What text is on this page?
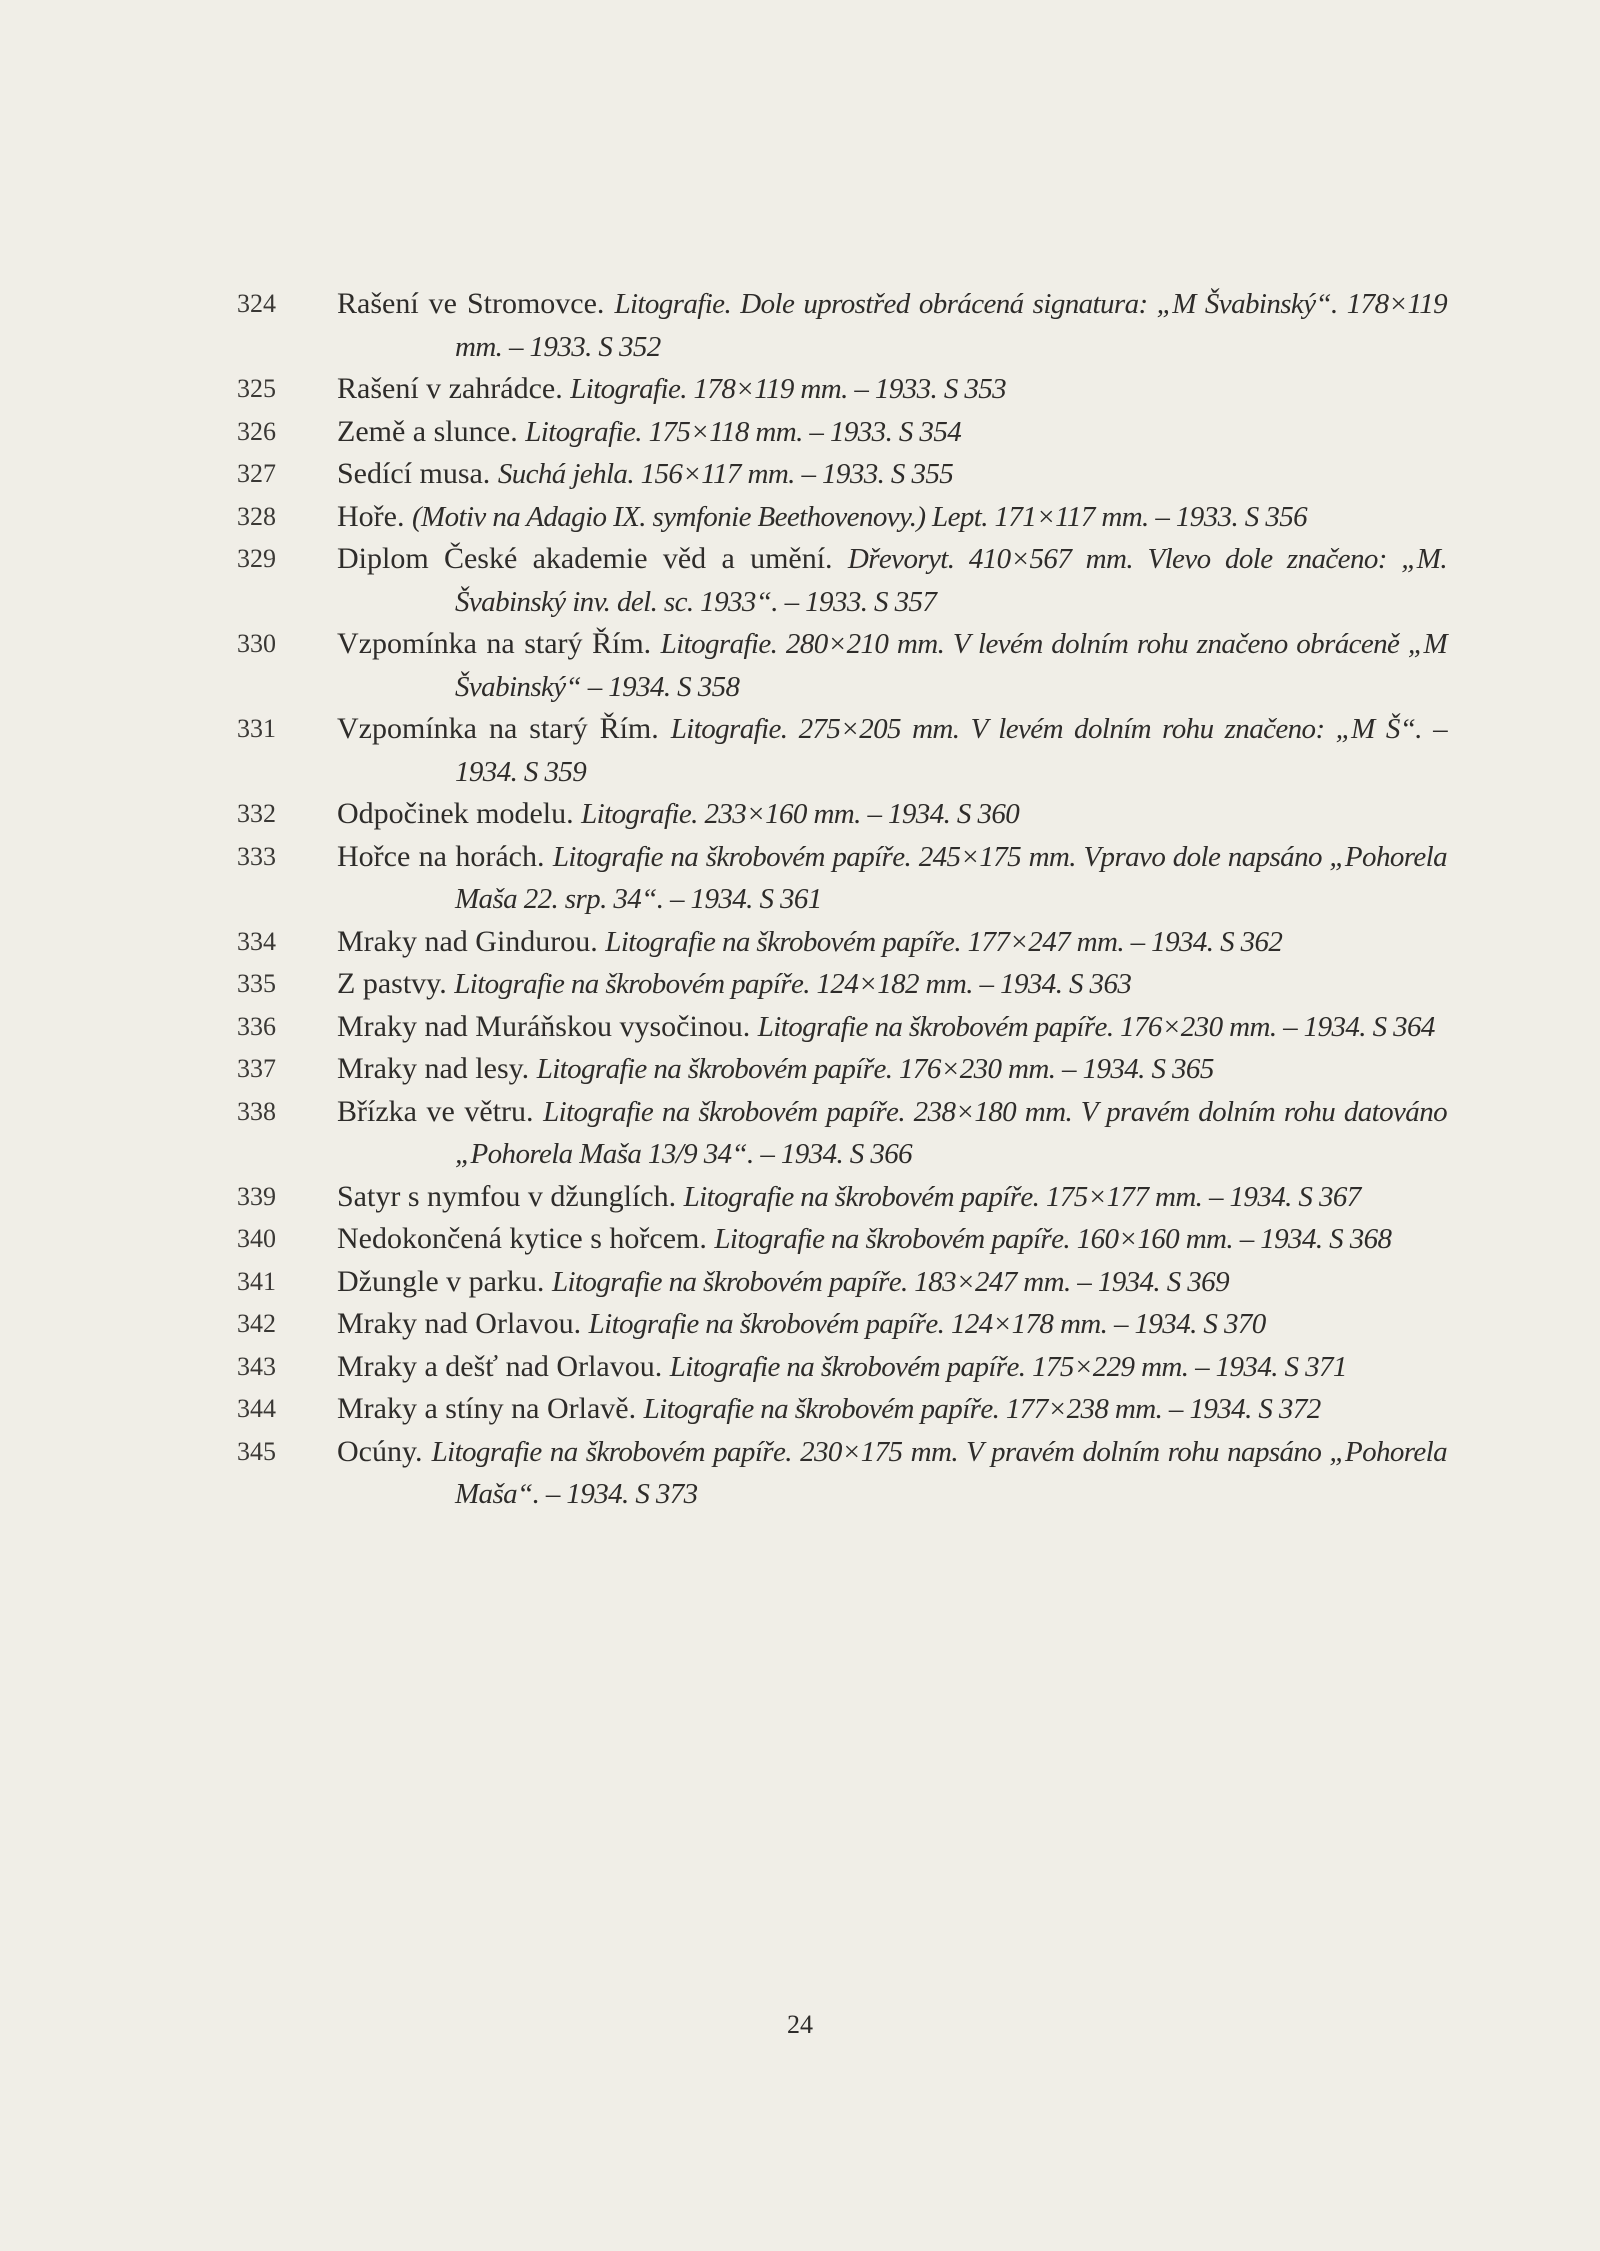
324 Rašení ve Stromovce. Litografie. Dole uprostřed obrácená signatura: „M Švabinský“. 178×119 mm. – 1933. S 352
325 Rašení v zahrádce. Litografie. 178×119 mm. – 1933. S 353
326 Země a slunce. Litografie. 175×118 mm. – 1933. S 354
327 Sedící musa. Suchá jehla. 156×117 mm. – 1933. S 355
328 Hoře. (Motiv na Adagio IX. symfonie Beethovenovy.) Lept. 171×117 mm. – 1933. S 356
329 Diplom České akademie věd a umění. Dřevoryt. 410×567 mm. Vlevo dole značeno: „M. Švabinský inv. del. sc. 1933“. – 1933. S 357
330 Vzpomínka na starý Řím. Litografie. 280×210 mm. V levém dolním rohu značeno obráceně „M Švabinský“ – 1934. S 358
331 Vzpomínka na starý Řím. Litografie. 275×205 mm. V levém dolním rohu značeno: „M Š“. – 1934. S 359
332 Odpočinek modelu. Litografie. 233×160 mm. – 1934. S 360
333 Hořce na horách. Litografie na škrobovém papíře. 245×175 mm. Vpravo dole napsáno „Pohorela Maša 22. srp. 34“. – 1934. S 361
334 Mraky nad Gindurou. Litografie na škrobovém papíře. 177×247 mm. – 1934. S 362
335 Z pastvy. Litografie na škrobovém papíře. 124×182 mm. – 1934. S 363
336 Mraky nad Muráňskou vysočinou. Litografie na škrobovém papíře. 176×230 mm. – 1934. S 364
337 Mraky nad lesy. Litografie na škrobovém papíře. 176×230 mm. – 1934. S 365
338 Břízka ve větru. Litografie na škrobovém papíře. 238×180 mm. V pravém dolním rohu datováno „Pohorela Maša 13/9 34“. – 1934. S 366
339 Satyr s nymfou v džunglích. Litografie na škrobovém papíře. 175×177 mm. – 1934. S 367
340 Nedokončená kytice s hořcem. Litografie na škrobovém papíře. 160×160 mm. – 1934. S 368
341 Džungle v parku. Litografie na škrobovém papíře. 183×247 mm. – 1934. S 369
342 Mraky nad Orlavou. Litografie na škrobovém papíře. 124×178 mm. – 1934. S 370
343 Mraky a dešť nad Orlavou. Litografie na škrobovém papíře. 175×229 mm. – 1934. S 371
344 Mraky a stíny na Orlavě. Litografie na škrobovém papíře. 177×238 mm. – 1934. S 372
345 Ocúny. Litografie na škrobovém papíře. 230×175 mm. V pravém dolním rohu napsáno „Pohorela Maša“. – 1934. S 373
24
